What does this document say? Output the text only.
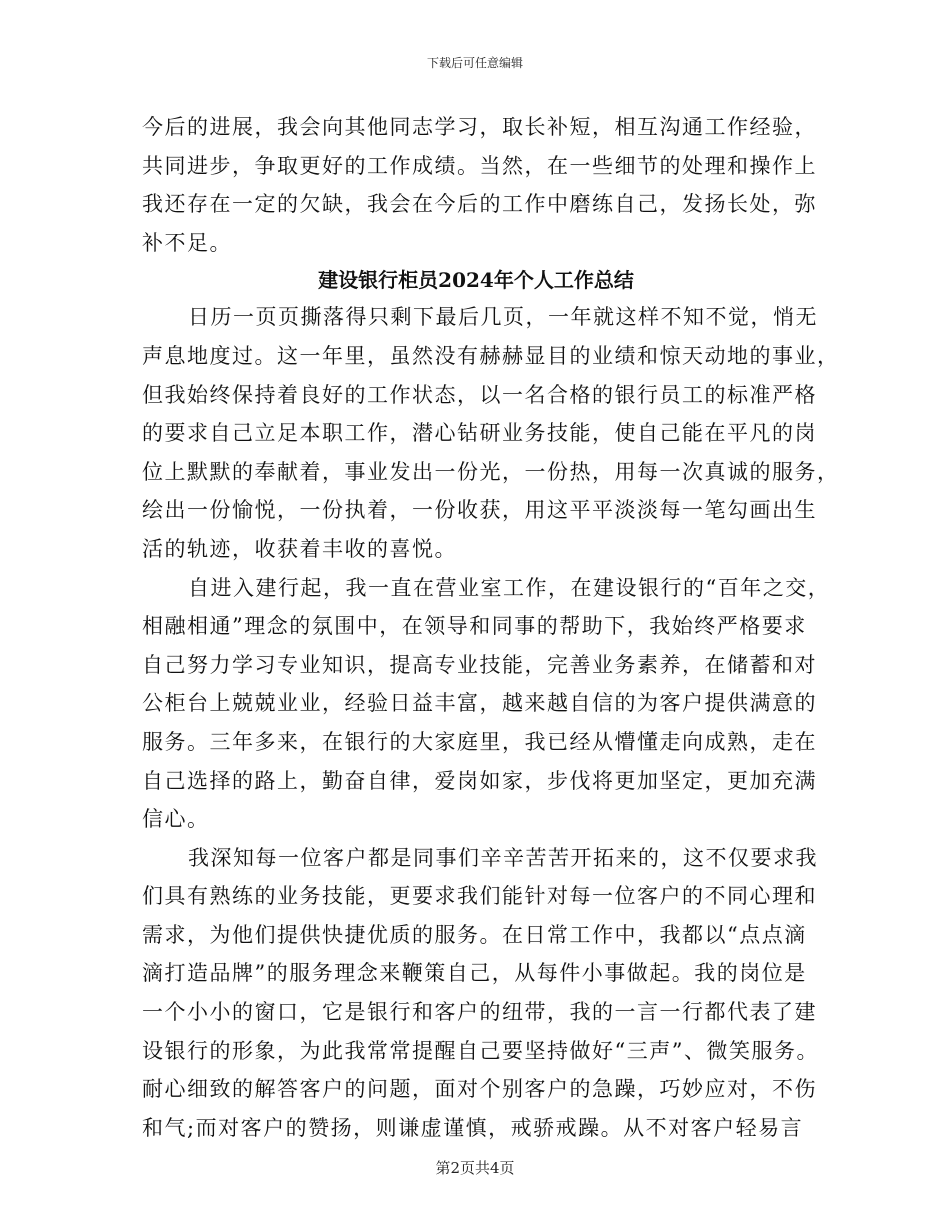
下载后可任意编辑
今后的进展，我会向其他同志学习，取长补短，相互沟通工作经验，
共同进步，争取更好的工作成绩。当然，在一些细节的处理和操作上
我还存在一定的欠缺，我会在今后的工作中磨练自己，发扬长处，弥
补不足。
建设银行柜员2024年个人工作总结
日历一页页撕落得只剩下最后几页，一年就这样不知不觉，悄无
声息地度过。这一年里，虽然没有赫赫显目的业绩和惊天动地的事业，
但我始终保持着良好的工作状态，以一名合格的银行员工的标准严格
的要求自己立足本职工作，潜心钻研业务技能，使自己能在平凡的岗
位上默默的奉献着，事业发出一份光，一份热，用每一次真诚的服务，
绘出一份愉悦，一份执着，一份收获，用这平平淡淡每一笔勾画出生
活的轨迹，收获着丰收的喜悦。
自进入建行起，我一直在营业室工作，在建设银行的“百年之交，
相融相通”理念的氛围中，在领导和同事的帮助下，我始终严格要求
自己努力学习专业知识，提高专业技能，完善业务素养，在储蓄和对
公柜台上兢兢业业，经验日益丰富，越来越自信的为客户提供满意的
服务。三年多来，在银行的大家庭里，我已经从懵懂走向成熟，走在
自己选择的路上，勤奋自律，爱岗如家，步伐将更加坚定，更加充满
信心。
我深知每一位客户都是同事们辛辛苦苦开拓来的，这不仅要求我
们具有熟练的业务技能，更要求我们能针对每一位客户的不同心理和
需求，为他们提供快捷优质的服务。在日常工作中，我都以“点点滴
滴打造品牌”的服务理念来鞭策自己，从每件小事做起。我的岗位是
一个小小的窗口，它是银行和客户的纽带，我的一言一行都代表了建
设银行的形象，为此我常常提醒自己要坚持做好“三声”、微笑服务。
耐心细致的解答客户的问题，面对个别客户的急躁，巧妙应对，不伤
和气;而对客户的赞扬，则谦虚谨慎，戒骄戒躁。从不对客户轻易言
第2页共4页
